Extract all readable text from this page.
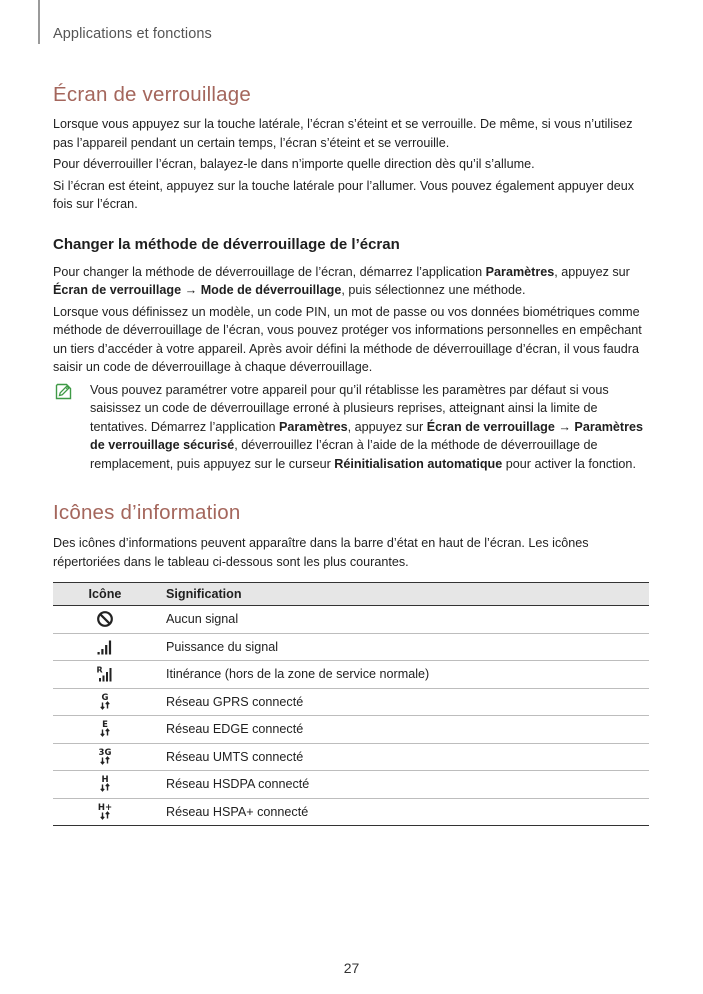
Applications et fonctions
Écran de verrouillage

Lorsque vous appuyez sur la touche latérale, l’écran s’éteint et se verrouille. De même, si vous n’utilisez pas l’appareil pendant un certain temps, l’écran s’éteint et se verrouille.

Pour déverrouiller l’écran, balayez-le dans n’importe quelle direction dès qu’il s’allume.

Si l’écran est éteint, appuyez sur la touche latérale pour l’allumer. Vous pouvez également appuyer deux fois sur l’écran.

Changer la méthode de déverrouillage de l’écran

Pour changer la méthode de déverrouillage de l’écran, démarrez l’application Paramètres, appuyez sur Écran de verrouillage → Mode de déverrouillage, puis sélectionnez une méthode.

Lorsque vous définissez un modèle, un code PIN, un mot de passe ou vos données biométriques comme méthode de déverrouillage de l’écran, vous pouvez protéger vos informations personnelles en empêchant un tiers d’accéder à votre appareil. Après avoir défini la méthode de déverrouillage d’écran, il vous faudra saisir un code de déverrouillage à chaque déverrouillage.

Vous pouvez paramétrer votre appareil pour qu’il rétablisse les paramètres par défaut si vous saisissez un code de déverrouillage erroné à plusieurs reprises, atteignant ainsi la limite de tentatives. Démarrez l’application Paramètres, appuyez sur Écran de verrouillage → Paramètres de verrouillage sécurisé, déverrouillez l’écran à l’aide de la méthode de déverrouillage de remplacement, puis appuyez sur le curseur Réinitialisation automatique pour activer la fonction.

Icônes d’information

Des icônes d’informations peuvent apparaître dans la barre d’état en haut de l’écran. Les icônes répertoriées dans le tableau ci-dessous sont les plus courantes.

Icône	Signification
	Aucun signal
	Puissance du signal

R	Itinérance (hors de la zone de service normale)

G	Réseau GPRS connecté

E	Réseau EDGE connecté

3G	Réseau UMTS connecté

H	Réseau HSDPA connecté

H+	Réseau HSPA+ connecté
27
